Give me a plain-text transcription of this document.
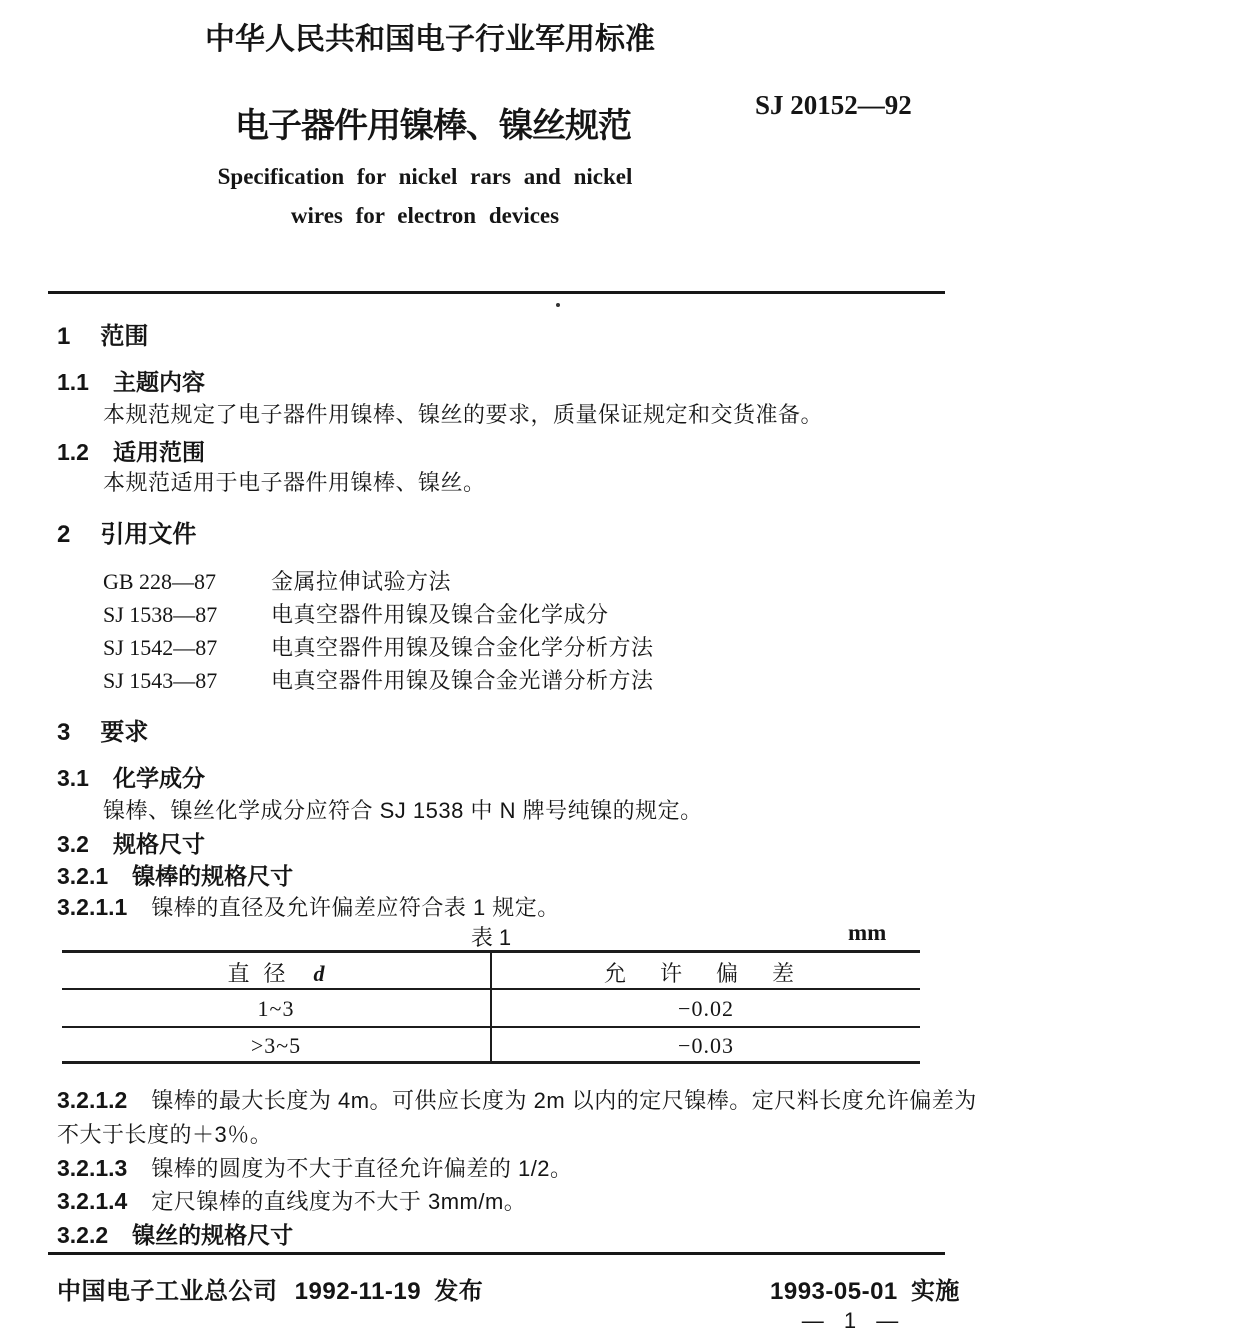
中华人民共和国电子行业军用标准
电子器件用镍棒、镍丝规范
SJ 20152—92
Specification for nickel rars and nickel
wires for electron devices
1 范围
1.1 主题内容
本规范规定了电子器件用镍棒、镍丝的要求，质量保证规定和交货准备。
1.2 适用范围
本规范适用于电子器件用镍棒、镍丝。
2 引用文件
GB 228—87 金属拉伸试验方法
SJ 1538—87 电真空器件用镍及镍合金化学成分
SJ 1542—87 电真空器件用镍及镍合金化学分析方法
SJ 1543—87 电真空器件用镍及镍合金光谱分析方法
3 要求
3.1 化学成分
镍棒、镍丝化学成分应符合 SJ 1538 中 N 牌号纯镍的规定。
3.2 规格尺寸
3.2.1 镍棒的规格尺寸
3.2.1.1 镍棒的直径及允许偏差应符合表 1 规定。
表 1	mm
直径 d	允许偏差
1~3	−0.02
>3~5	−0.03
3.2.1.2 镍棒的最大长度为 4m。可供应长度为 2m 以内的定尺镍棒。定尺料长度允许偏差为
不大于长度的＋3％。
3.2.1.3 镍棒的圆度为不大于直径允许偏差的 1/2。
3.2.1.4 定尺镍棒的直线度为不大于 3mm/m。
3.2.2 镍丝的规格尺寸
中国电子工业总公司 1992-11-19 发布	1993-05-01 实施
— 1 —
